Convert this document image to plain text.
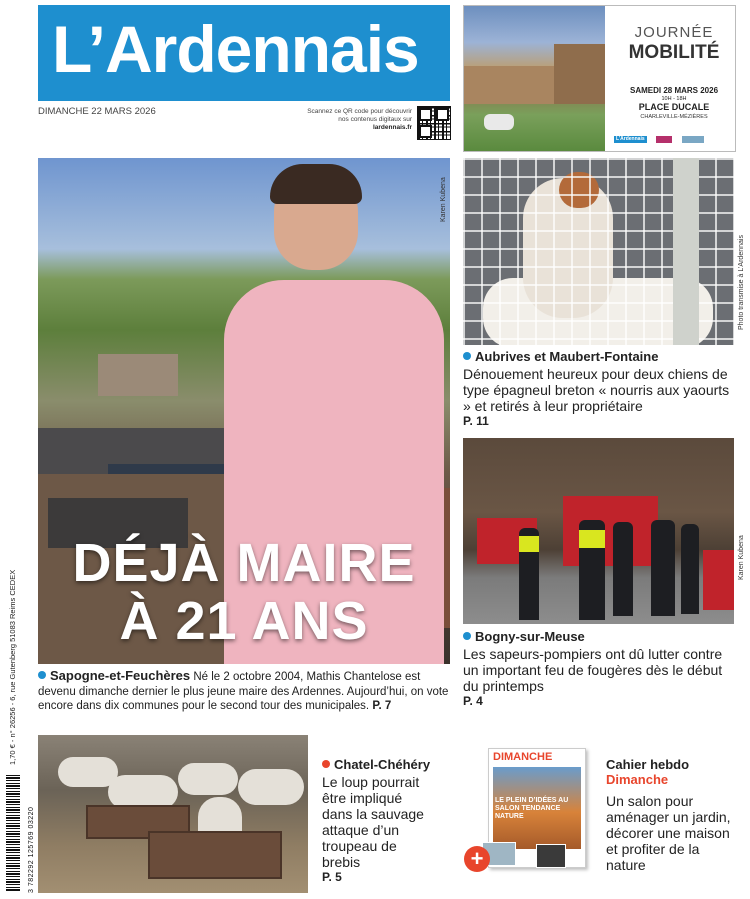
L’Ardennais
DIMANCHE 22 MARS 2026	Scannez ce QR code pour découvrir nos contenus digitaux sur lardennais.fr
JOURNÉE
MOBILITÉ
SAMEDI 28 MARS 2026
10H - 18H
PLACE DUCALE
CHARLEVILLE-MÉZIÈRES
L’Ardennais
DÉJÀ MAIRE
À 21 ANS
Karen Kubena
Sapogne-et-Feuchères Né le 2 octobre 2004, Mathis Chantelose est devenu dimanche dernier le plus jeune maire des Ardennes. Aujourd’hui, on vote encore dans dix communes pour le second tour des municipales. P. 7
Photo transmise à L’Ardennais
Aubrives et Maubert-Fontaine
Dénouement heureux pour deux chiens de type épagneul breton « nourris aux yaourts » et retirés à leur propriétaire
P. 11
Karen Kubena
Bogny-sur-Meuse
Les sapeurs-pompiers ont dû lutter contre un important feu de fougères dès le début du printemps
P. 4
Chatel-Chéhéry
Le loup pourrait être impliqué dans la sauvage attaque d’un troupeau de brebis
P. 5
DIMANCHE
LE PLEIN D’IDÉES AU SALON TENDANCE NATURE
+
Cahier hebdo
Dimanche
Un salon pour aménager un jardin, décorer une maison et profiter de la nature
1,70 € - n° 26256 - 6, rue Gutenberg 51083 Reims CEDEX
3 782292 125769 03220
